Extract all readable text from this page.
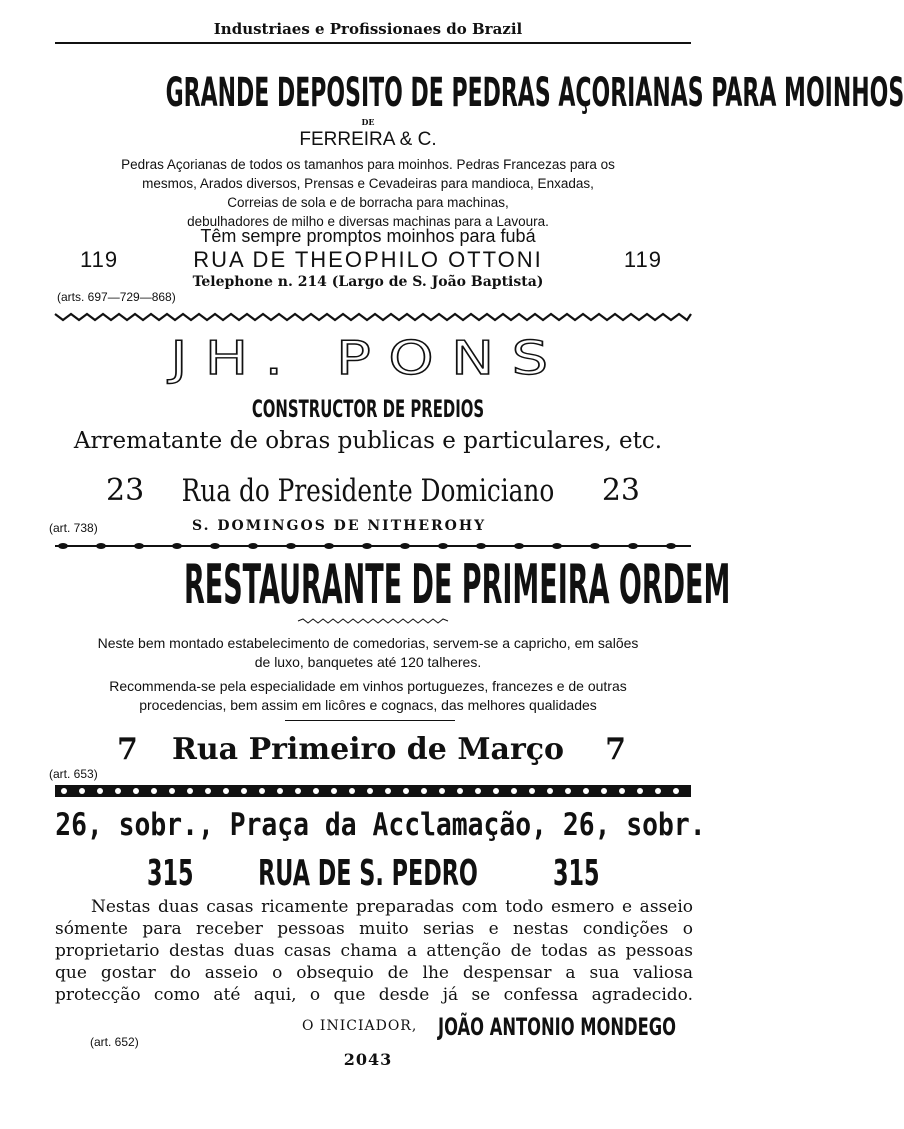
Industriaes e Profissionaes do Brazil
GRANDE DEPOSITO DE PEDRAS AÇORIANAS PARA MOINHOS
DE
FERREIRA & C.
Pedras Açorianas de todos os tamanhos para moinhos. Pedras Francezas para os
mesmos, Arados diversos, Prensas e Cevadeiras para mandioca, Enxadas,
Correias de sola e de borracha para machinas,
debulhadores de milho e diversas machinas para a Lavoura.
Têm sempre promptos moinhos para fubá
119	RUA DE THEOPHILO OTTONI	119
Telephone n. 214 (Largo de S. João Baptista)
(arts. 697—729—868)
JH. PONS
CONSTRUCTOR DE PREDIOS
Arrematante de obras publicas e particulares, etc.
23	Rua do Presidente Domiciano	23
(art. 738)	S. DOMINGOS DE NITHEROHY
RESTAURANTE DE PRIMEIRA ORDEM
Neste bem montado estabelecimento de comedorias, servem-se a capricho, em salões
de luxo, banquetes até 120 talheres.
Recommenda-se pela especialidade em vinhos portuguezes, francezes e de outras
procedencias, bem assim em licôres e cognacs, das melhores qualidades
7	Rua Primeiro de Março	7
(art. 653)
26, sobr., Praça da Acclamação, 26, sobr.
315	RUA DE S. PEDRO	315
Nestas duas casas ricamente preparadas com todo esmero e asseio
sómente para receber pessoas muito serias e nestas condições o
proprietario destas duas casas chama a attenção de todas as pessoas
que gostar do asseio o obsequio de lhe despensar a sua valiosa
protecção como até aqui, o que desde já se confessa agradecido.
O INICIADOR, JOÃO ANTONIO MONDEGO
(art. 652)
2043
